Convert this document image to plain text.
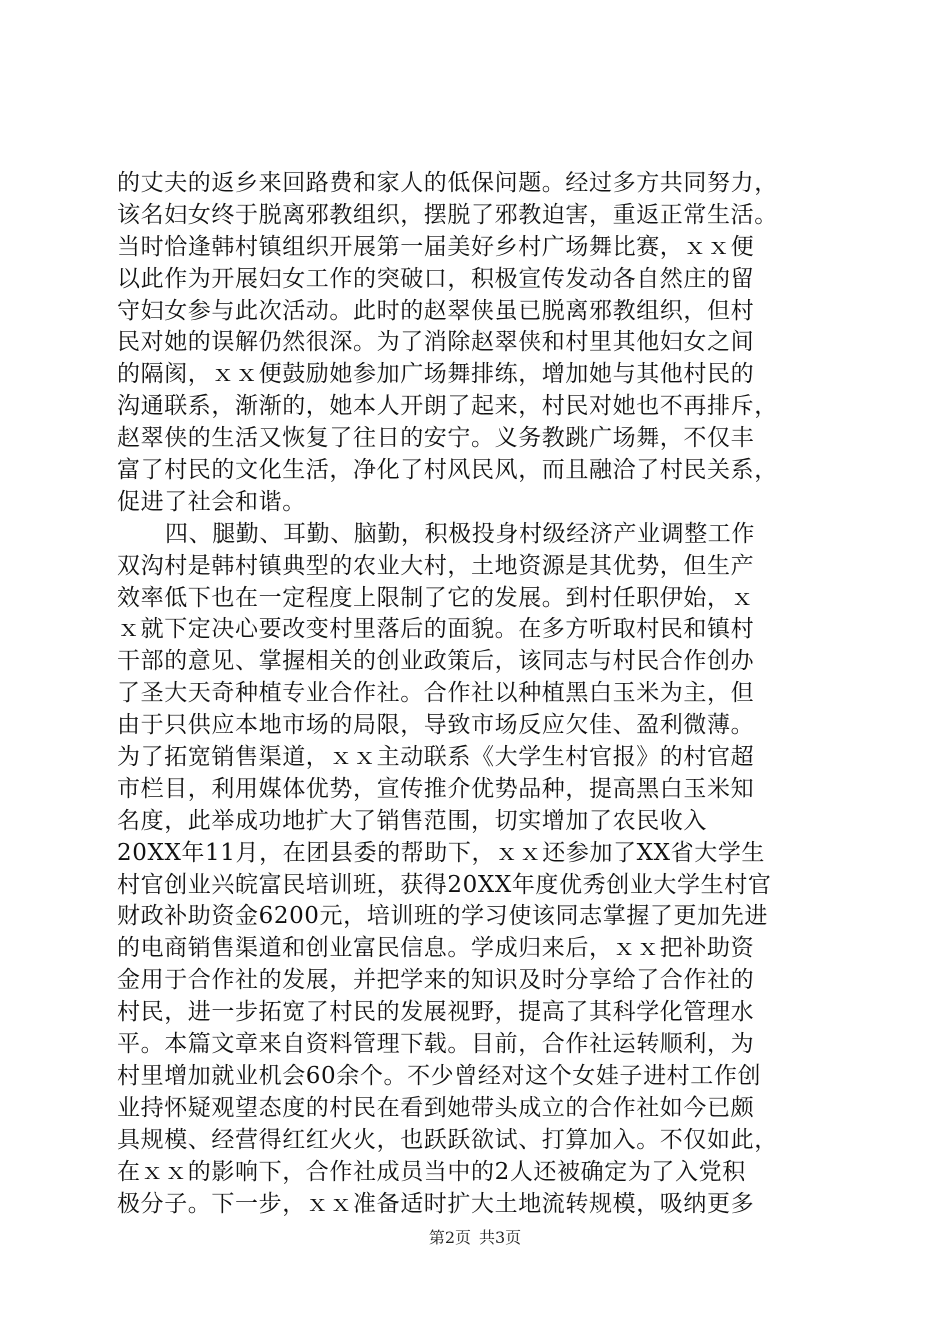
的丈夫的返乡来回路费和家人的低保问题。经过多方共同努力，
该名妇女终于脱离邪教组织，摆脱了邪教迫害，重返正常生活。
当时恰逢韩村镇组织开展第一届美好乡村广场舞比赛，ｘｘ便
以此作为开展妇女工作的突破口，积极宣传发动各自然庄的留
守妇女参与此次活动。此时的赵翠侠虽已脱离邪教组织，但村
民对她的误解仍然很深。为了消除赵翠侠和村里其他妇女之间
的隔阂，ｘｘ便鼓励她参加广场舞排练，增加她与其他村民的
沟通联系，渐渐的，她本人开朗了起来，村民对她也不再排斥，
赵翠侠的生活又恢复了往日的安宁。义务教跳广场舞，不仅丰
富了村民的文化生活，净化了村风民风，而且融洽了村民关系，
促进了社会和谐。
四、腿勤、耳勤、脑勤，积极投身村级经济产业调整工作
双沟村是韩村镇典型的农业大村，土地资源是其优势，但生产
效率低下也在一定程度上限制了它的发展。到村任职伊始，ｘ
ｘ就下定决心要改变村里落后的面貌。在多方听取村民和镇村
干部的意见、掌握相关的创业政策后，该同志与村民合作创办
了圣大天奇种植专业合作社。合作社以种植黑白玉米为主，但
由于只供应本地市场的局限，导致市场反应欠佳、盈利微薄。
为了拓宽销售渠道，ｘｘ主动联系《大学生村官报》的村官超
市栏目，利用媒体优势，宣传推介优势品种，提高黑白玉米知
名度，此举成功地扩大了销售范围，切实增加了农民收入
20XX年11月，在团县委的帮助下，ｘｘ还参加了XX省大学生
村官创业兴皖富民培训班，获得20XX年度优秀创业大学生村官
财政补助资金6200元，培训班的学习使该同志掌握了更加先进
的电商销售渠道和创业富民信息。学成归来后，ｘｘ把补助资
金用于合作社的发展，并把学来的知识及时分享给了合作社的
村民，进一步拓宽了村民的发展视野，提高了其科学化管理水
平。本篇文章来自资料管理下载。目前，合作社运转顺利，为
村里增加就业机会60余个。不少曾经对这个女娃子进村工作创
业持怀疑观望态度的村民在看到她带头成立的合作社如今已颇
具规模、经营得红红火火，也跃跃欲试、打算加入。不仅如此，
在ｘｘ的影响下，合作社成员当中的2人还被确定为了入党积
极分子。下一步，ｘｘ准备适时扩大土地流转规模，吸纳更多
第2页 共3页
